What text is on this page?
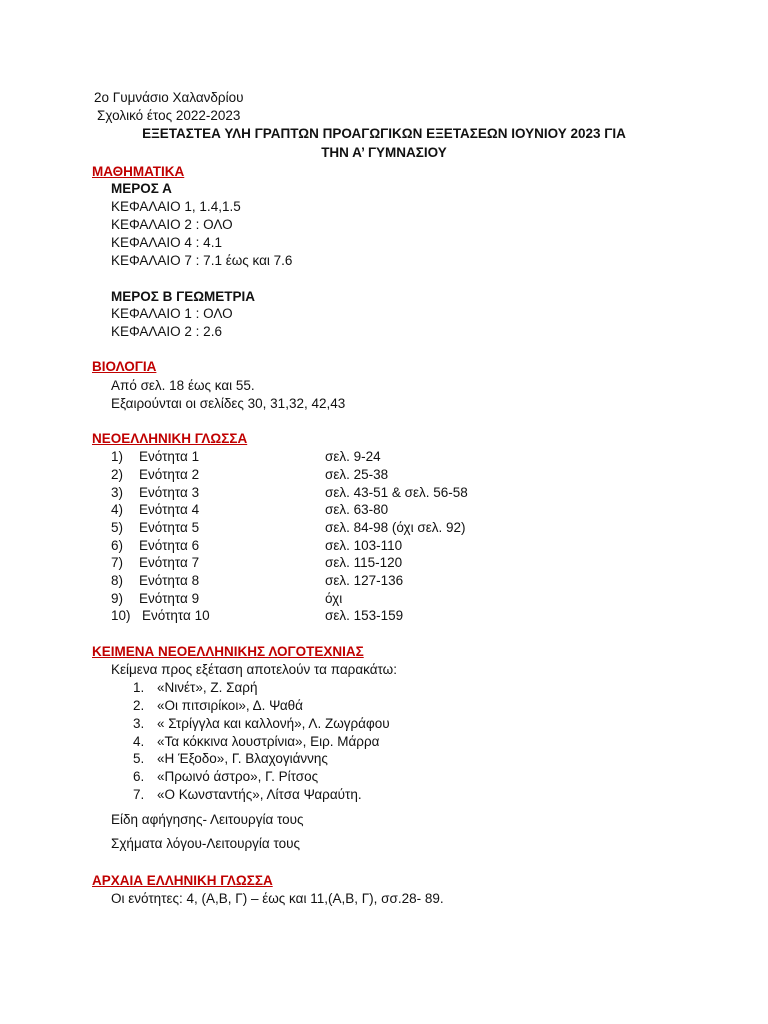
2ο Γυμνάσιο Χαλανδρίου
Σχολικό έτος 2022-2023
ΕΞΕΤΑΣΤΕΑ ΥΛΗ ΓΡΑΠΤΩΝ ΠΡΟΑΓΩΓΙΚΩΝ ΕΞΕΤΑΣΕΩΝ ΙΟΥΝΙΟΥ 2023 ΓΙΑ
ΤΗΝ Α’ ΓΥΜΝΑΣΙΟΥ
ΜΑΘΗΜΑΤΙΚΑ
ΜΕΡΟΣ Α
ΚΕΦΑΛΑΙΟ 1, 1.4,1.5
ΚΕΦΑΛΑΙΟ 2 : ΟΛΟ
ΚΕΦΑΛΑΙΟ 4 : 4.1
ΚΕΦΑΛΑΙΟ 7 : 7.1 έως και 7.6
ΜΕΡΟΣ Β ΓΕΩΜΕΤΡΙΑ
ΚΕΦΑΛΑΙΟ 1 : ΟΛΟ
ΚΕΦΑΛΑΙΟ 2 : 2.6
ΒΙΟΛΟΓΙΑ
Από σελ. 18 έως και 55.
Εξαιρούνται οι σελίδες 30, 31,32, 42,43
ΝΕΟΕΛΛΗΝΙΚΗ ΓΛΩΣΣΑ
1) Ενότητα 1	σελ. 9-24
2) Ενότητα 2	σελ. 25-38
3) Ενότητα 3	σελ. 43-51 & σελ. 56-58
4) Ενότητα 4	σελ. 63-80
5) Ενότητα 5	σελ. 84-98 (όχι σελ. 92)
6) Ενότητα 6	σελ. 103-110
7) Ενότητα 7	σελ. 115-120
8) Ενότητα 8	σελ. 127-136
9) Ενότητα 9	όχι
10) Ενότητα 10	σελ. 153-159
ΚΕΙΜΕΝΑ ΝΕΟΕΛΛΗΝΙΚΗΣ ΛΟΓΟΤΕΧΝΙΑΣ
Κείμενα προς εξέταση αποτελούν τα παρακάτω:
1. «Νινέτ», Ζ. Σαρή
2. «Οι πιτσιρίκοι», Δ. Ψαθά
3. « Στρίγγλα και καλλονή», Λ. Ζωγράφου
4. «Τα κόκκινα λουστρίνια», Ειρ. Μάρρα
5. «Η Έξοδο», Γ. Βλαχογιάννης
6. «Πρωινό άστρο», Γ. Ρίτσος
7. «Ο Κωνσταντής», Λίτσα Ψαραύτη.
Είδη αφήγησης- Λειτουργία τους
Σχήματα λόγου-Λειτουργία τους
ΑΡΧΑΙΑ ΕΛΛΗΝΙΚΗ ΓΛΩΣΣΑ
Οι ενότητες: 4, (Α,Β, Γ) – έως και 11,(Α,Β, Γ), σσ.28- 89.
